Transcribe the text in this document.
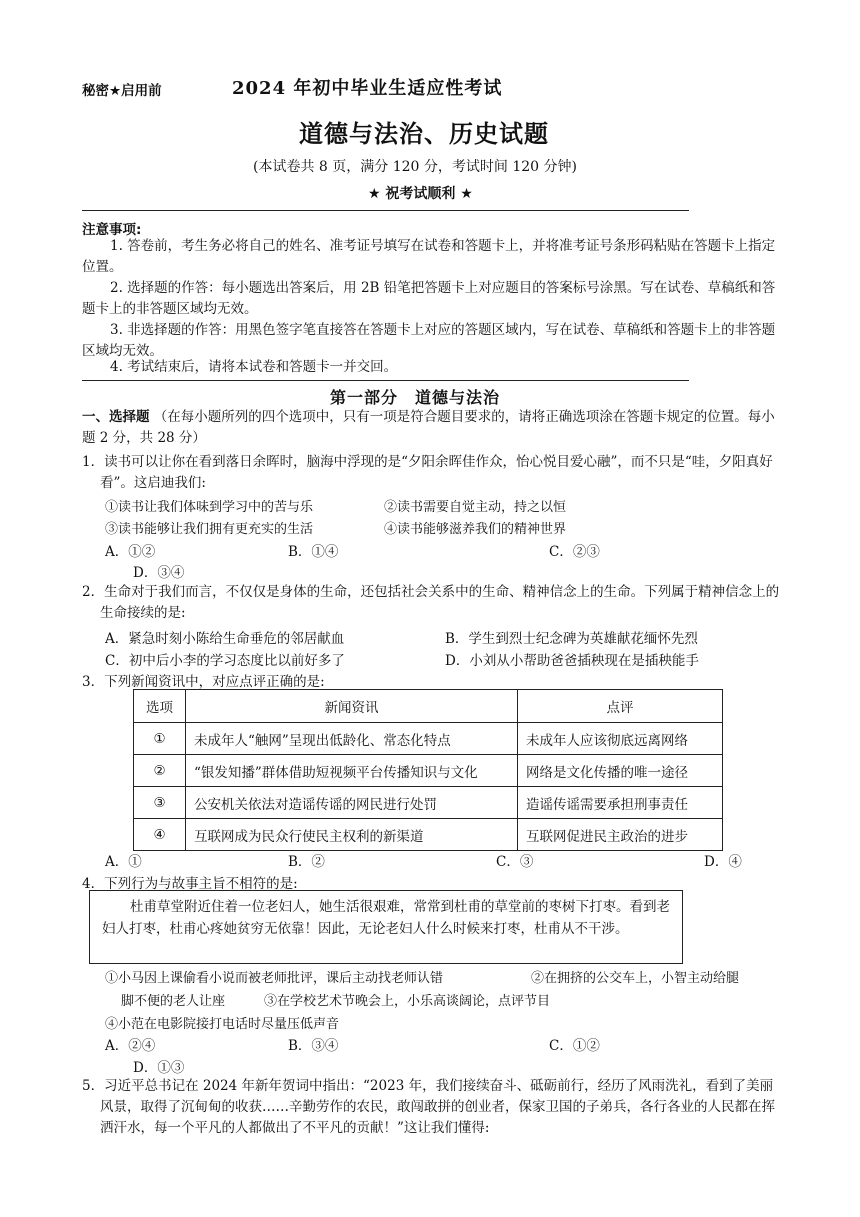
秘密★启用前	2024 年初中毕业生适应性考试
道德与法治、历史试题
(本试卷共 8 页，满分 120 分，考试时间 120 分钟)
★ 祝考试顺利 ★
注意事项:
1. 答卷前，考生务必将自己的姓名、准考证号填写在试卷和答题卡上，并将准考证号条形码粘贴在答题卡上指定位置。
2. 选择题的作答：每小题选出答案后，用 2B 铅笔把答题卡上对应题目的答案标号涂黑。写在试卷、草稿纸和答题卡上的非答题区域均无效。
3. 非选择题的作答：用黑色签字笔直接答在答题卡上对应的答题区域内，写在试卷、草稿纸和答题卡上的非答题区域均无效。
4. 考试结束后，请将本试卷和答题卡一并交回。
第一部分　道德与法治
一、选择题 （在每小题所列的四个选项中，只有一项是符合题目要求的，请将正确选项涂在答题卡规定的位置。每小题 2 分，共 28 分）
1．读书可以让你在看到落日余晖时，脑海中浮现的是“夕阳余晖佳作众，怡心悦目爱心融”，而不只是“哇，夕阳真好看”。这启迪我们:
①读书让我们体味到学习中的苦与乐	②读书需要自觉主动，持之以恒
③读书能够让我们拥有更充实的生活	④读书能够滋养我们的精神世界
A．①②	B．①④	C．②③
D．③④
2．生命对于我们而言，不仅仅是身体的生命，还包括社会关系中的生命、精神信念上的生命。下列属于精神信念上的生命接续的是:
A．紧急时刻小陈给生命垂危的邻居献血	B．学生到烈士纪念碑为英雄献花缅怀先烈
C．初中后小李的学习态度比以前好多了	D．小刘从小帮助爸爸插秧现在是插秧能手
3．下列新闻资讯中，对应点评正确的是:
选项	新闻资讯	点评
①	未成年人“触网”呈现出低龄化、常态化特点	未成年人应该彻底远离网络
②	“银发知播”群体借助短视频平台传播知识与文化	网络是文化传播的唯一途径
③	公安机关依法对造谣传谣的网民进行处罚	造谣传谣需要承担刑事责任
④	互联网成为民众行使民主权利的新渠道	互联网促进民主政治的进步
A．①	B．②	C．③	D．④
4．下列行为与故事主旨不相符的是:
杜甫草堂附近住着一位老妇人，她生活很艰难，常常到杜甫的草堂前的枣树下打枣。看到老妇人打枣，杜甫心疼她贫穷无依靠！因此，无论老妇人什么时候来打枣，杜甫从不干涉。
①小马因上课偷看小说而被老师批评，课后主动找老师认错	②在拥挤的公交车上，小智主动给腿
脚不便的老人让座	③在学校艺术节晚会上，小乐高谈阔论，点评节目
④小范在电影院接打电话时尽量压低声音
A．②④	B．③④	C．①②
D．①③
5．习近平总书记在 2024 年新年贺词中指出：“2023 年，我们接续奋斗、砥砺前行，经历了风雨洗礼，看到了美丽风景，取得了沉甸甸的收获……辛勤劳作的农民，敢闯敢拼的创业者，保家卫国的子弟兵，各行各业的人民都在挥洒汗水，每一个平凡的人都做出了不平凡的贡献！”这让我们懂得:
